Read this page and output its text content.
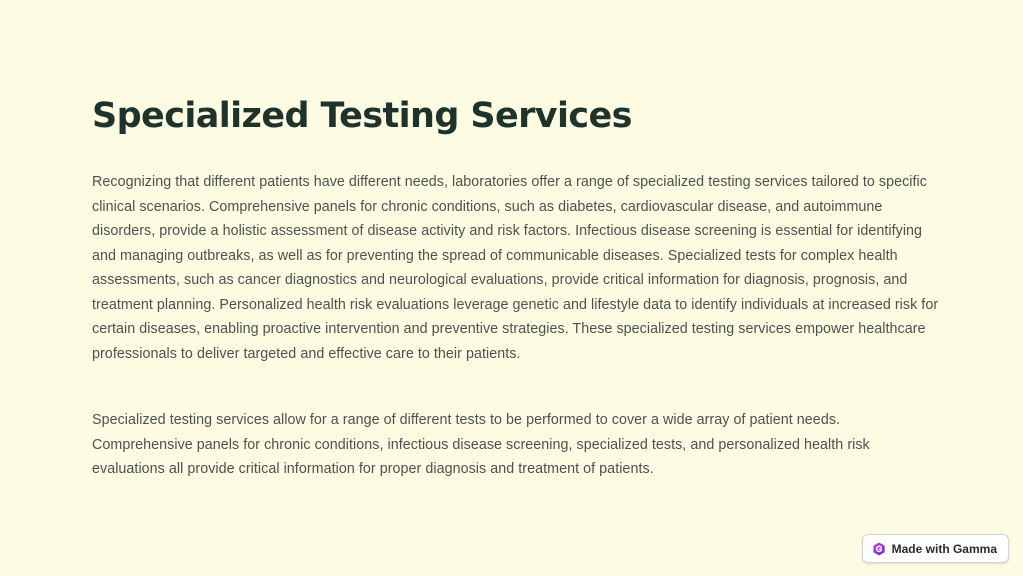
Specialized Testing Services

Recognizing that different patients have different needs, laboratories offer a range of specialized testing services tailored to specific clinical scenarios. Comprehensive panels for chronic conditions, such as diabetes, cardiovascular disease, and autoimmune disorders, provide a holistic assessment of disease activity and risk factors. Infectious disease screening is essential for identifying and managing outbreaks, as well as for preventing the spread of communicable diseases. Specialized tests for complex health assessments, such as cancer diagnostics and neurological evaluations, provide critical information for diagnosis, prognosis, and treatment planning. Personalized health risk evaluations leverage genetic and lifestyle data to identify individuals at increased risk for certain diseases, enabling proactive intervention and preventive strategies. These specialized testing services empower healthcare professionals to deliver targeted and effective care to their patients.

Specialized testing services allow for a range of different tests to be performed to cover a wide array of patient needs. Comprehensive panels for chronic conditions, infectious disease screening, specialized tests, and personalized health risk evaluations all provide critical information for proper diagnosis and treatment of patients.

Made with Gamma
